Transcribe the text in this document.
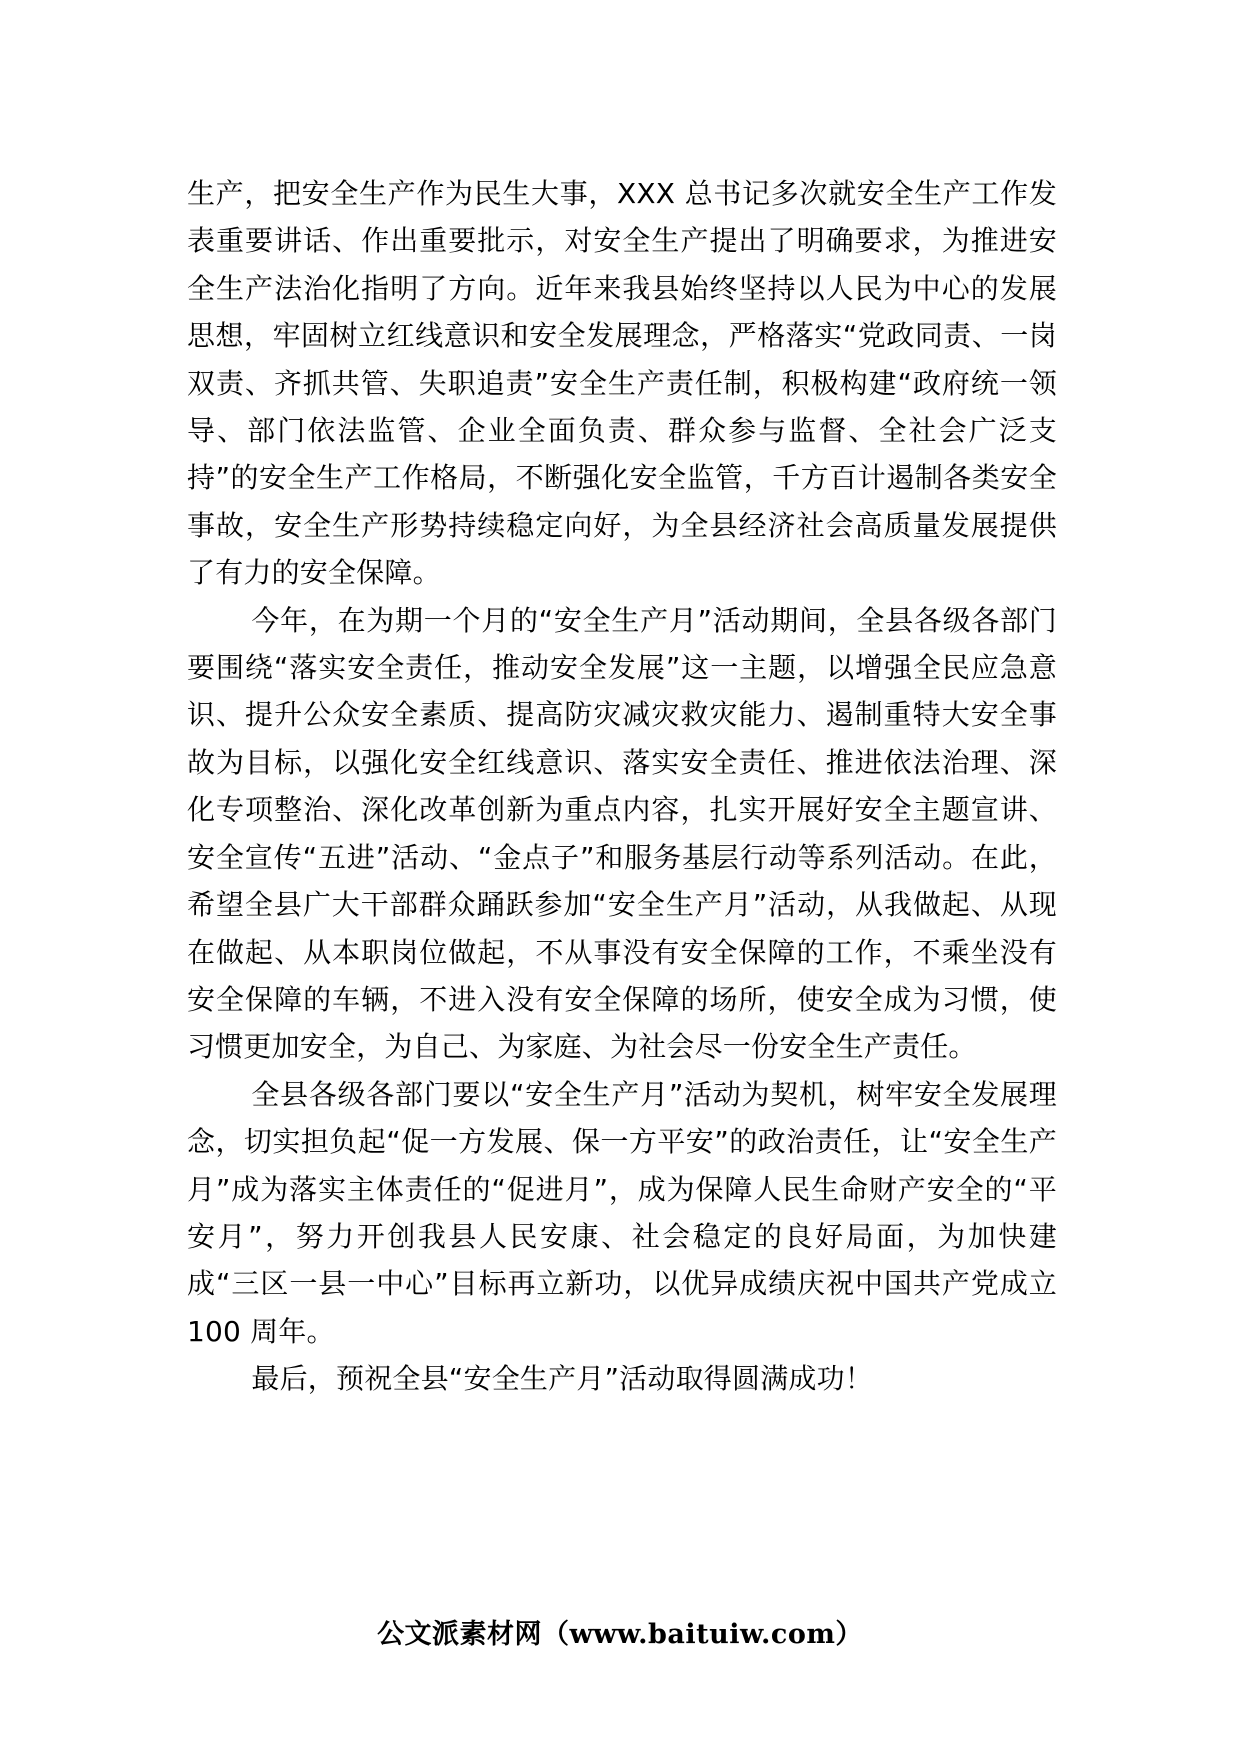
生产，把安全生产作为民生大事，XXX 总书记多次就安全生产工作发表重要讲话、作出重要批示，对安全生产提出了明确要求，为推进安全生产法治化指明了方向。近年来我县始终坚持以人民为中心的发展思想，牢固树立红线意识和安全发展理念，严格落实“党政同责、一岗双责、齐抓共管、失职追责”安全生产责任制，积极构建“政府统一领导、部门依法监管、企业全面负责、群众参与监督、全社会广泛支持”的安全生产工作格局，不断强化安全监管，千方百计遏制各类安全事故，安全生产形势持续稳定向好，为全县经济社会高质量发展提供了有力的安全保障。

今年，在为期一个月的“安全生产月”活动期间，全县各级各部门要围绕“落实安全责任，推动安全发展”这一主题，以增强全民应急意识、提升公众安全素质、提高防灾减灾救灾能力、遏制重特大安全事故为目标，以强化安全红线意识、落实安全责任、推进依法治理、深化专项整治、深化改革创新为重点内容，扎实开展好安全主题宣讲、安全宣传“五进”活动、“金点子”和服务基层行动等系列活动。在此，希望全县广大干部群众踊跃参加“安全生产月”活动，从我做起、从现在做起、从本职岗位做起，不从事没有安全保障的工作，不乘坐没有安全保障的车辆，不进入没有安全保障的场所，使安全成为习惯，使习惯更加安全，为自己、为家庭、为社会尽一份安全生产责任。

全县各级各部门要以“安全生产月”活动为契机，树牢安全发展理念，切实担负起“促一方发展、保一方平安”的政治责任，让“安全生产月”成为落实主体责任的“促进月”，成为保障人民生命财产安全的“平安月”，努力开创我县人民安康、社会稳定的良好局面，为加快建成“三区一县一中心”目标再立新功，以优异成绩庆祝中国共产党成立 100 周年。

最后，预祝全县“安全生产月”活动取得圆满成功！

公文派素材网（www.baituiw.com）
